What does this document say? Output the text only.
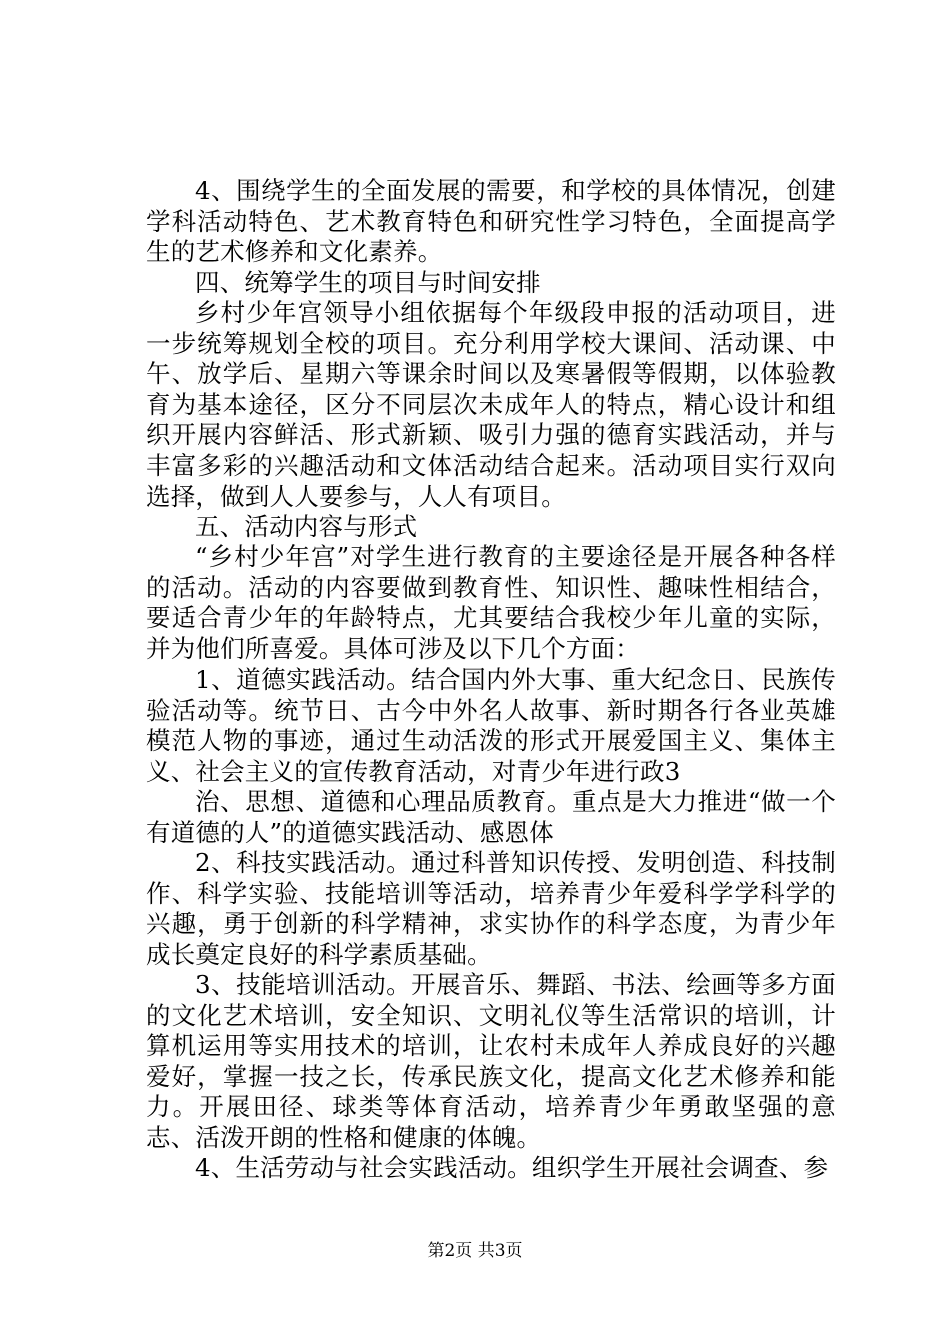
4、围绕学生的全面发展的需要，和学校的具体情况，创建学科活动特色、艺术教育特色和研究性学习特色，全面提高学生的艺术修养和文化素养。

四、统筹学生的项目与时间安排

乡村少年宫领导小组依据每个年级段申报的活动项目，进一步统筹规划全校的项目。充分利用学校大课间、活动课、中午、放学后、星期六等课余时间以及寒暑假等假期，以体验教育为基本途径，区分不同层次未成年人的特点，精心设计和组织开展内容鲜活、形式新颖、吸引力强的德育实践活动，并与丰富多彩的兴趣活动和文体活动结合起来。活动项目实行双向选择，做到人人要参与，人人有项目。

五、活动内容与形式

“乡村少年宫”对学生进行教育的主要途径是开展各种各样的活动。活动的内容要做到教育性、知识性、趣味性相结合，要适合青少年的年龄特点，尤其要结合我校少年儿童的实际，并为他们所喜爱。具体可涉及以下几个方面：

1、道德实践活动。结合国内外大事、重大纪念日、民族传验活动等。统节日、古今中外名人故事、新时期各行各业英雄模范人物的事迹，通过生动活泼的形式开展爱国主义、集体主义、社会主义的宣传教育活动，对青少年进行政3

治、思想、道德和心理品质教育。重点是大力推进“做一个有道德的人”的道德实践活动、感恩体

2、科技实践活动。通过科普知识传授、发明创造、科技制作、科学实验、技能培训等活动，培养青少年爱科学学科学的兴趣，勇于创新的科学精神，求实协作的科学态度，为青少年成长奠定良好的科学素质基础。

3、技能培训活动。开展音乐、舞蹈、书法、绘画等多方面的文化艺术培训，安全知识、文明礼仪等生活常识的培训，计算机运用等实用技术的培训，让农村未成年人养成良好的兴趣爱好，掌握一技之长，传承民族文化，提高文化艺术修养和能力。开展田径、球类等体育活动，培养青少年勇敢坚强的意志、活泼开朗的性格和健康的体魄。

4、生活劳动与社会实践活动。组织学生开展社会调查、参

第2页 共3页
